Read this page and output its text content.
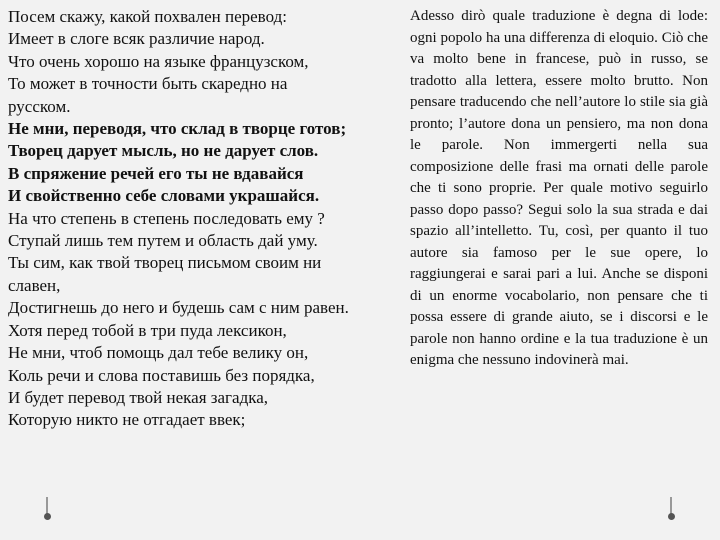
Посем скажу, какой похвален перевод:
Имеет в слоге всяк различие народ.
Что очень хорошо на языке французском,
То может в точности быть скаредно на
русском.
Не мни, переводя, что склад в творце готов;
Творец дарует мысль, но не дарует слов.
В спряжение речей его ты не вдавайся
И свойственно себе словами украшайся.
На что степень в степень последовать ему ?
Ступай лишь тем путем и область дай уму.
Ты сим, как твой творец письмом своим ни
славен,
Достигнешь до него и будешь сам с ним равен.
Хотя перед тобой в три пуда лексикон,
Не мни, чтоб помощь дал тебе велику он,
Коль речи и слова поставишь без порядка,
И будет перевод твой некая загадка,
Которую никто не отгадает ввек;
Adesso dirò quale traduzione è degna di lode: ogni popolo ha una differenza di eloquio. Ciò che va molto bene in francese, può in russo, se tradotto alla lettera, essere molto brutto. Non pensare traducendo che nell’autore lo stile sia già pronto; l’autore dona un pensiero, ma non dona le parole. Non immergerti nella sua composizione delle frasi ma ornati delle parole che ti sono proprie. Per quale motivo seguirlo passo dopo passo? Segui solo la sua strada e dai spazio all’intelletto. Tu, così, per quanto il tuo autore sia famoso per le sue opere, lo raggiungerai e sarai pari a lui. Anche se disponi di un enorme vocabolario, non pensare che ti possa essere di grande aiuto, se i discorsi e le parole non hanno ordine e la tua traduzione è un enigma che nessuno indovinerà mai.
